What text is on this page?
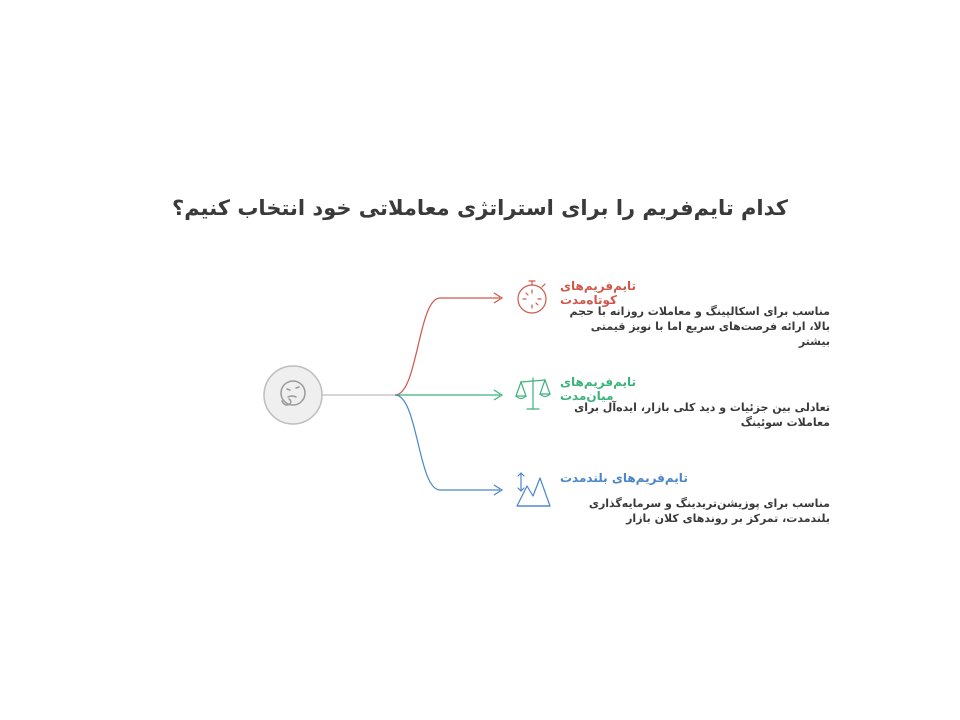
کدام تایم‌فریم را برای استراتژی معاملاتی خود انتخاب کنیم؟
تایم‌فریم‌های کوتاه‌مدت
مناسب برای اسکالپینگ و معاملات روزانه با حجم بالا، ارائه فرصت‌های سریع اما با نویز قیمتی بیشتر
تایم‌فریم‌های میان‌مدت
تعادلی بین جزئیات و دید کلی بازار، ایده‌آل برای معاملات سوئینگ
تایم‌فریم‌های بلندمدت
مناسب برای پوزیشن‌تریدینگ و سرمایه‌گذاری بلندمدت، تمرکز بر روندهای کلان بازار
